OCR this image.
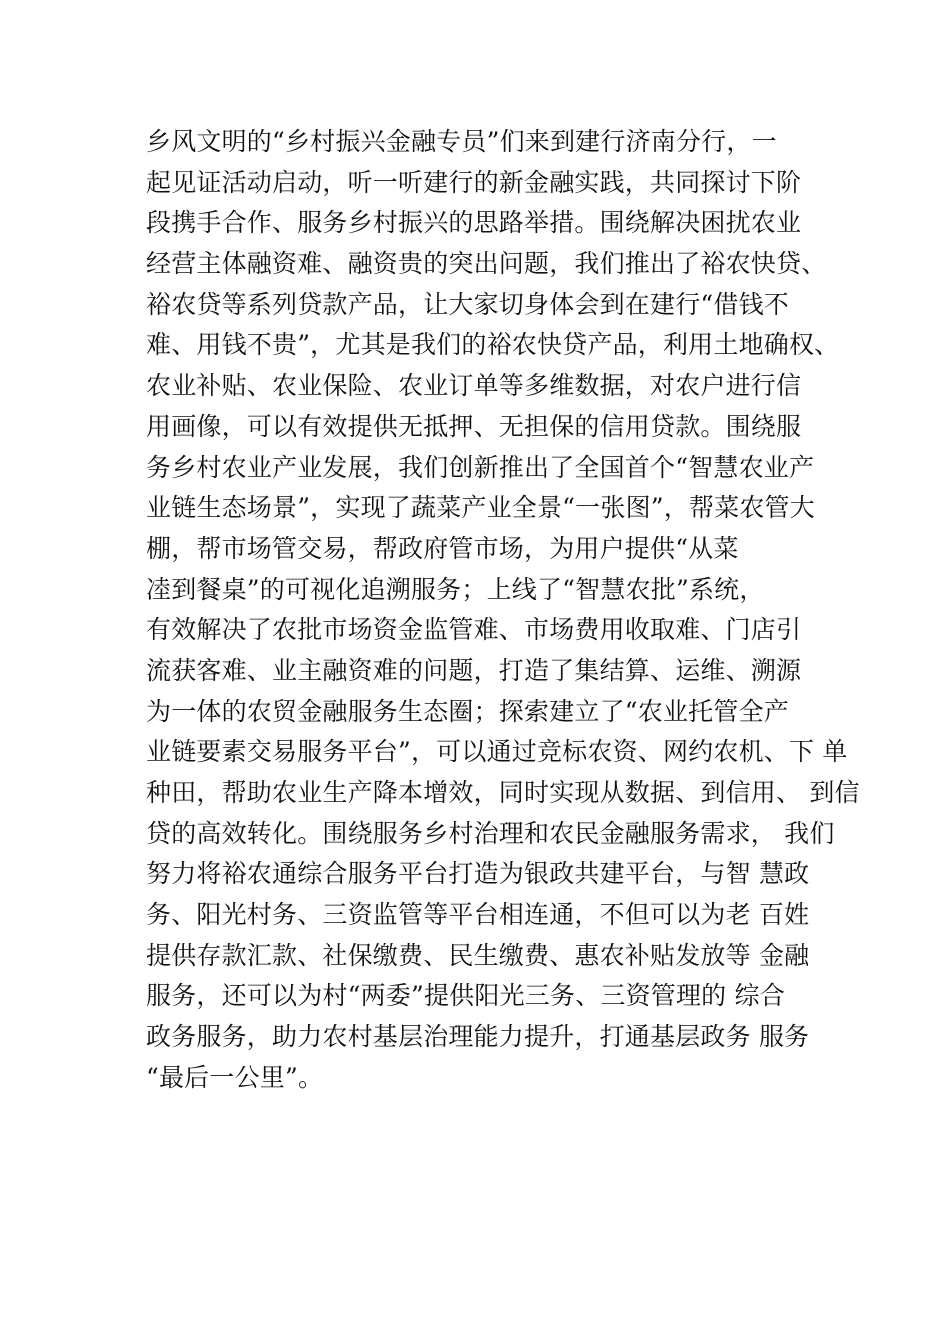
乡风文明的“乡村振兴金融专员”们来到建行济南分行，一
起见证活动启动，听一听建行的新金融实践，共同探讨下阶
段携手合作、服务乡村振兴的思路举措。围绕解决困扰农业
经营主体融资难、融资贵的突出问题，我们推出了裕农快贷、
裕农贷等系列贷款产品，让大家切身体会到在建行“借钱不
难、用钱不贵”，尤其是我们的裕农快贷产品，利用土地确权、
农业补贴、农业保险、农业订单等多维数据，对农户进行信
用画像，可以有效提供无抵押、无担保的信用贷款。围绕服
务乡村农业产业发展，我们创新推出了全国首个“智慧农业产
业链生态场景”，实现了蔬菜产业全景“一张图”，帮菜农管大
棚，帮市场管交易，帮政府管市场，为用户提供“从菜
㓐到餐桌”的可视化追溯服务；上线了“智慧农批”系统，
有效解决了农批市场资金监管难、市场费用收取难、门店引
流获客难、业主融资难的问题，打造了集结算、运维、溯源
为一体的农贸金融服务生态圈；探索建立了“农业托管全产
业链要素交易服务平台”，可以通过竞标农资、网约农机、下 单
种田，帮助农业生产降本增效，同时实现从数据、到信用、 到信
贷的高效转化。围绕服务乡村治理和农民金融服务需求， 我们
努力将裕农通综合服务平台打造为银政共建平台，与智 慧政
务、阳光村务、三资监管等平台相连通，不但可以为老 百姓
提供存款汇款、社保缴费、民生缴费、惠农补贴发放等 金融
服务，还可以为村“两委”提供阳光三务、三资管理的 综合
政务服务，助力农村基层治理能力提升，打通基层政务 服务
“最后一公里”。
